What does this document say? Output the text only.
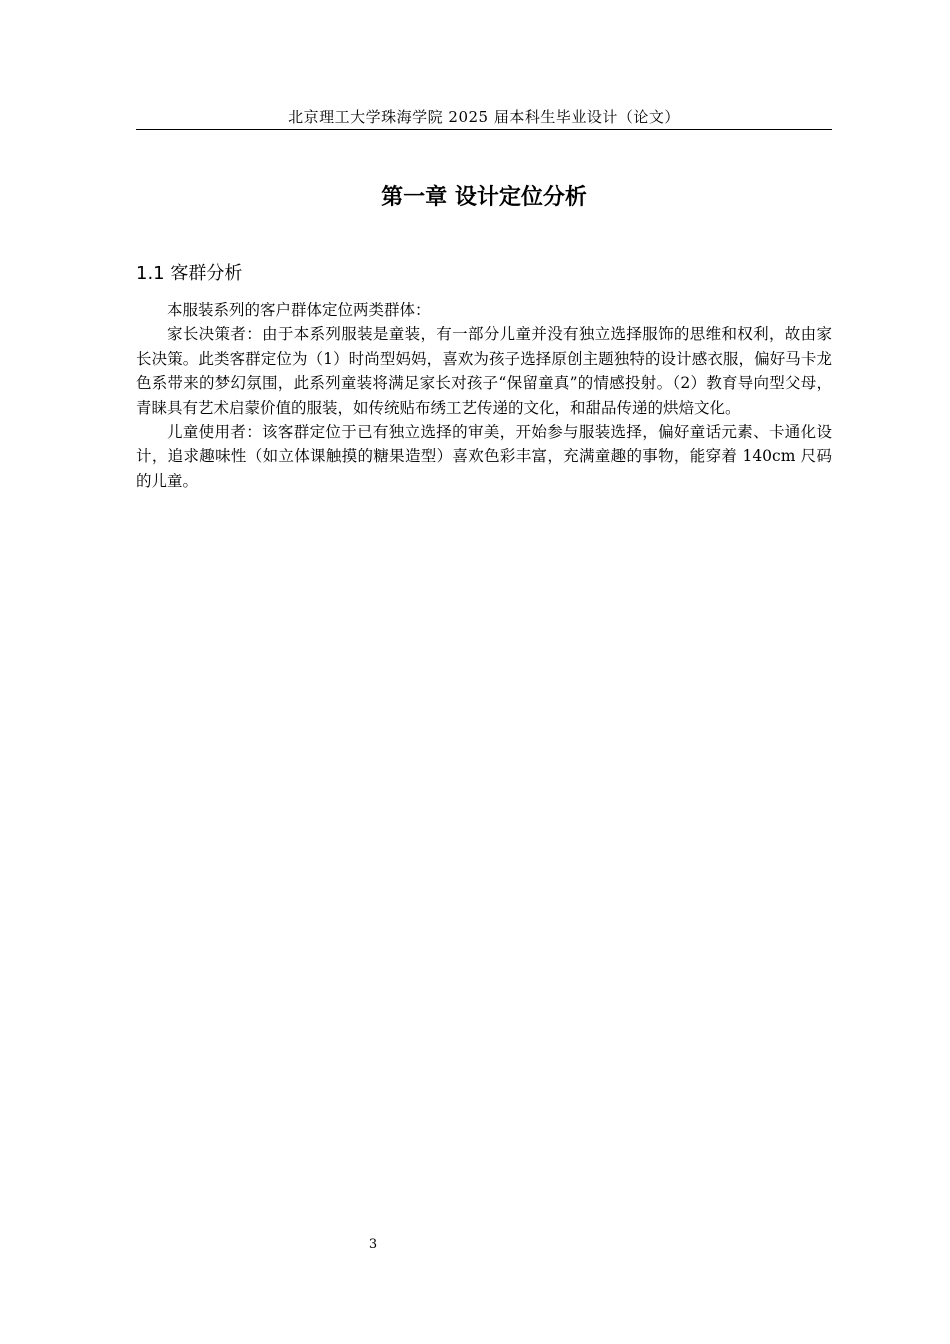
北京理工大学珠海学院 2025 届本科生毕业设计（论文）
第一章 设计定位分析
1.1 客群分析

本服装系列的客户群体定位两类群体：

家长决策者：由于本系列服装是童装，有一部分儿童并没有独立选择服饰的思维和权利，故由家长决策。此类客群定位为（1）时尚型妈妈，喜欢为孩子选择原创主题独特的设计感衣服，偏好马卡龙色系带来的梦幻氛围，此系列童装将满足家长对孩子“保留童真”的情感投射。（2）教育导向型父母，青睐具有艺术启蒙价值的服装，如传统贴布绣工艺传递的文化，和甜品传递的烘焙文化。

儿童使用者：该客群定位于已有独立选择的审美，开始参与服装选择，偏好童话元素、卡通化设计，追求趣味性（如立体课触摸的糖果造型）喜欢色彩丰富，充满童趣的事物，能穿着 140cm 尺码的儿童。

3
